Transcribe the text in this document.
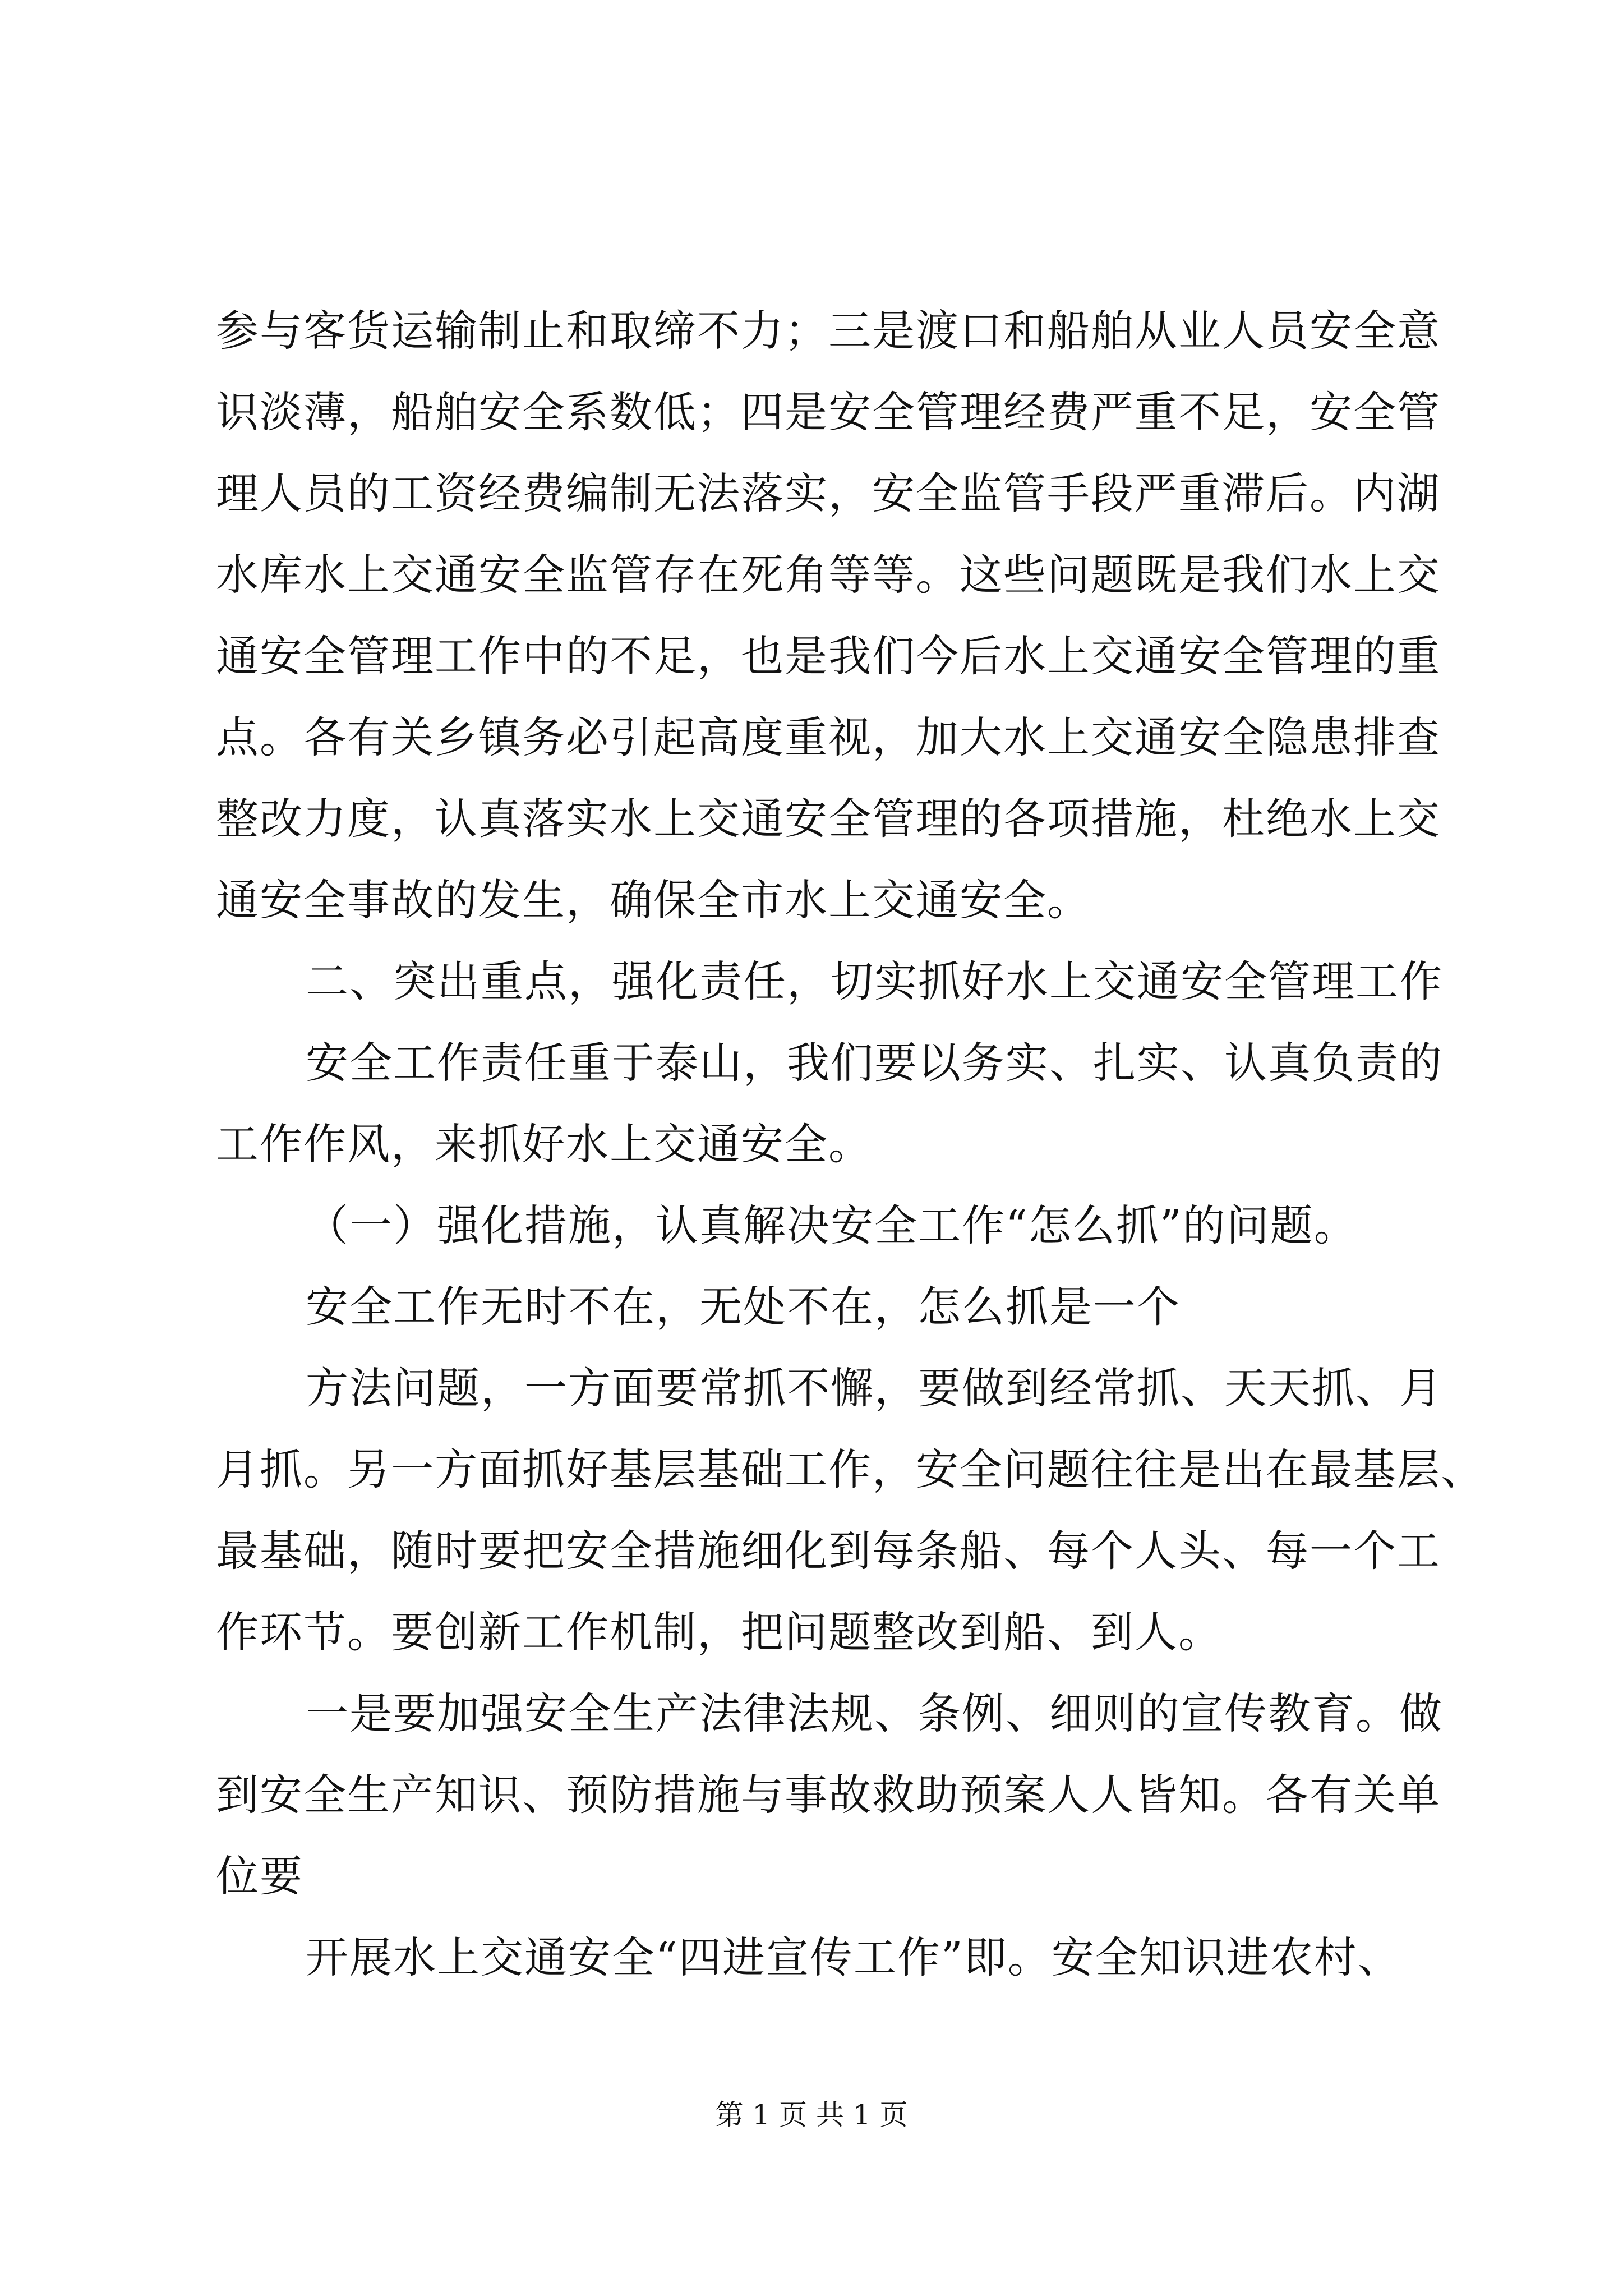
参与客货运输制止和取缔不力；三是渡口和船舶从业人员安全意
识淡薄，船舶安全系数低；四是安全管理经费严重不足，安全管
理人员的工资经费编制无法落实，安全监管手段严重滞后。内湖
水库水上交通安全监管存在死角等等。这些问题既是我们水上交
通安全管理工作中的不足，也是我们今后水上交通安全管理的重
点。各有关乡镇务必引起高度重视，加大水上交通安全隐患排查
整改力度，认真落实水上交通安全管理的各项措施，杜绝水上交
通安全事故的发生，确保全市水上交通安全。
二、突出重点，强化责任，切实抓好水上交通安全管理工作
安全工作责任重于泰山，我们要以务实、扎实、认真负责的
工作作风，来抓好水上交通安全。
（一）强化措施，认真解决安全工作“怎么抓”的问题。
安全工作无时不在，无处不在，怎么抓是一个
方法问题，一方面要常抓不懈，要做到经常抓、天天抓、月
月抓。另一方面抓好基层基础工作，安全问题往往是出在最基层、
最基础，随时要把安全措施细化到每条船、每个人头、每一个工
作环节。要创新工作机制，把问题整改到船、到人。
一是要加强安全生产法律法规、条例、细则的宣传教育。做
到安全生产知识、预防措施与事故救助预案人人皆知。各有关单
位要
开展水上交通安全“四进宣传工作”即。安全知识进农村、
第 1 页 共 1 页
